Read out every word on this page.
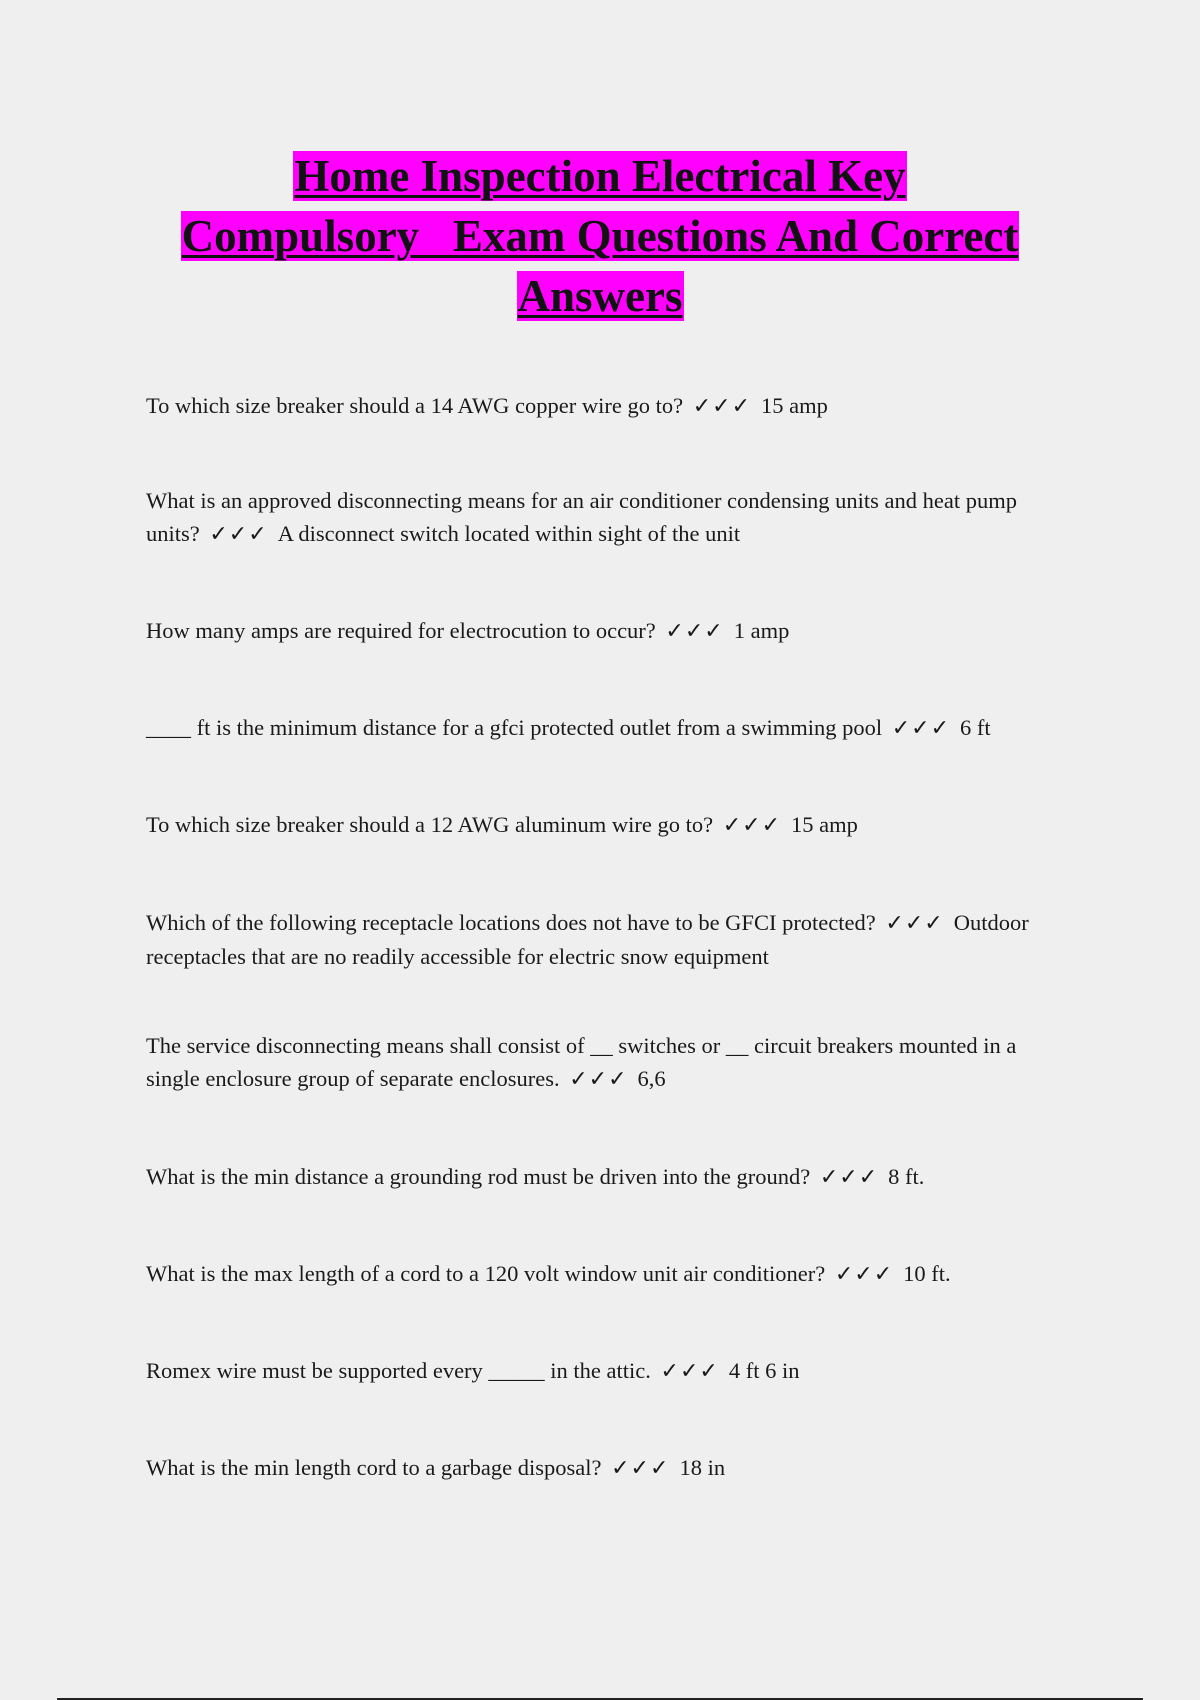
Home Inspection Electrical Key
Compulsory   Exam Questions And Correct
Answers

To which size breaker should a 14 AWG copper wire go to? ✓✓✓ 15 amp

What is an approved disconnecting means for an air conditioner condensing units and heat pump units? ✓✓✓ A disconnect switch located within sight of the unit

How many amps are required for electrocution to occur? ✓✓✓ 1 amp

____ ft is the minimum distance for a gfci protected outlet from a swimming pool ✓✓✓ 6 ft

To which size breaker should a 12 AWG aluminum wire go to? ✓✓✓ 15 amp

Which of the following receptacle locations does not have to be GFCI protected? ✓✓✓ Outdoor receptacles that are no readily accessible for electric snow equipment

The service disconnecting means shall consist of __ switches or __ circuit breakers mounted in a single enclosure group of separate enclosures. ✓✓✓ 6,6

What is the min distance a grounding rod must be driven into the ground? ✓✓✓ 8 ft.

What is the max length of a cord to a 120 volt window unit air conditioner? ✓✓✓ 10 ft.

Romex wire must be supported every _____ in the attic. ✓✓✓ 4 ft 6 in

What is the min length cord to a garbage disposal? ✓✓✓ 18 in
